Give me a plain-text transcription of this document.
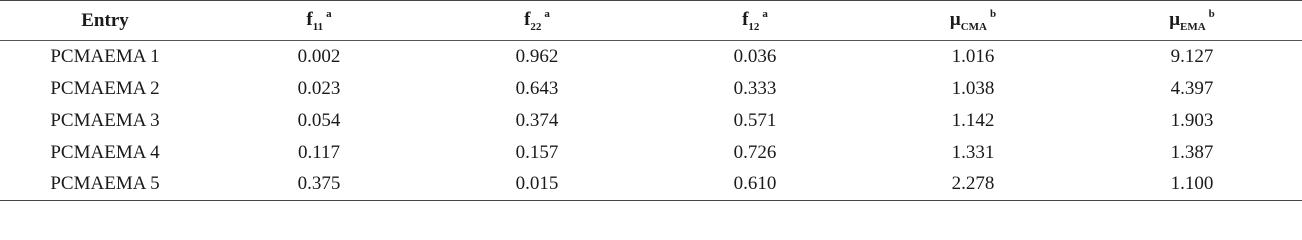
Entry	$f_{11}^a$	$f_{22}^a$	$f_{12}^a$	$\mu_{CMA}^b$	$\mu_{EMA}^b$
PCMAEMA 1	0.002	0.962	0.036	1.016	9.127
PCMAEMA 2	0.023	0.643	0.333	1.038	4.397
PCMAEMA 3	0.054	0.374	0.571	1.142	1.903
PCMAEMA 4	0.117	0.157	0.726	1.331	1.387
PCMAEMA 5	0.375	0.015	0.610	2.278	1.100
